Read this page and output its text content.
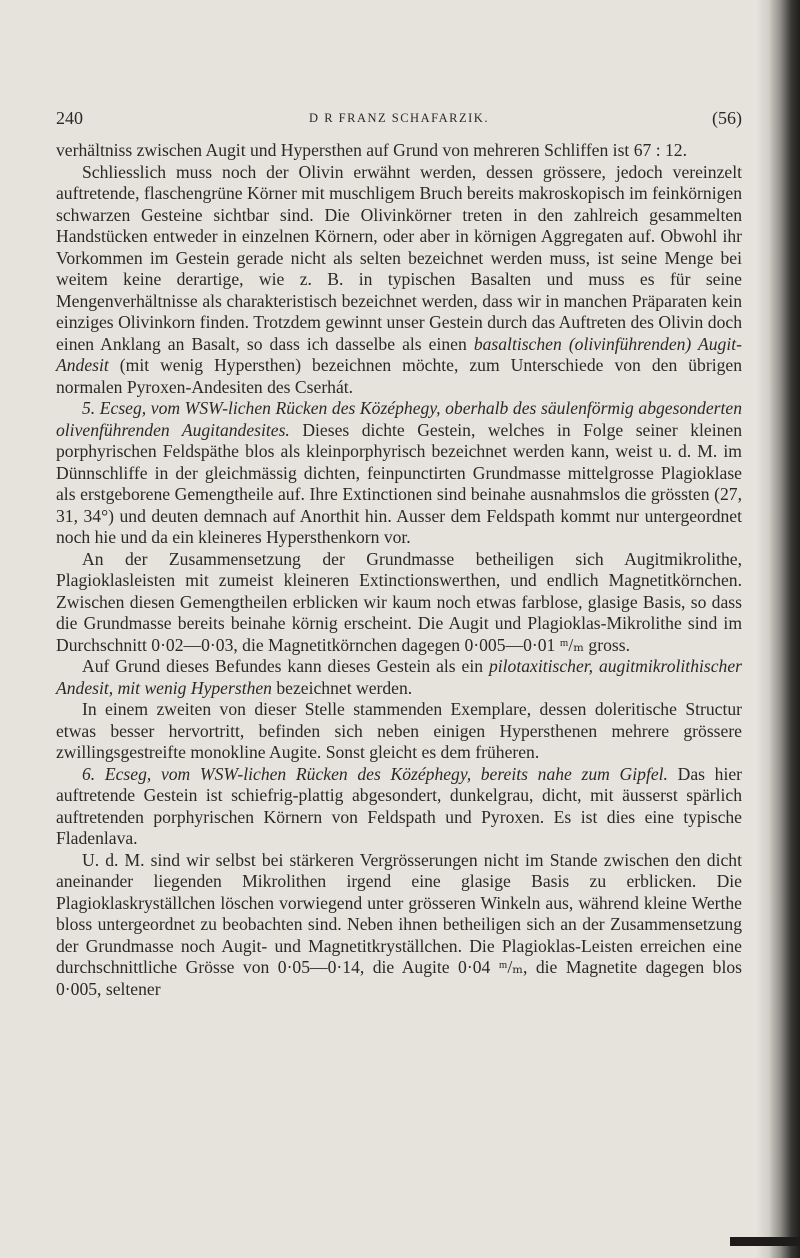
240	D R FRANZ SCHAFARZIK.	(56)

verhältniss zwischen Augit und Hypersthen auf Grund von mehreren Schliffen ist 67 : 12.

Schliesslich muss noch der Olivin erwähnt werden, dessen grössere, jedoch vereinzelt auftretende, flaschengrüne Körner mit muschligem Bruch bereits makroskopisch im feinkörnigen schwarzen Gesteine sichtbar sind. Die Olivinkörner treten in den zahlreich gesammelten Handstücken entweder in einzelnen Körnern, oder aber in körnigen Aggregaten auf. Obwohl ihr Vorkommen im Gestein gerade nicht als selten bezeichnet werden muss, ist seine Menge bei weitem keine derartige, wie z. B. in typischen Basalten und muss es für seine Mengenverhältnisse als charakteristisch bezeichnet werden, dass wir in manchen Präparaten kein einziges Olivinkorn finden. Trotzdem gewinnt unser Gestein durch das Auftreten des Olivin doch einen Anklang an Basalt, so dass ich dasselbe als einen basaltischen (olivinführenden) Augit-Andesit (mit wenig Hypersthen) bezeichnen möchte, zum Unterschiede von den übrigen normalen Pyroxen-Andesiten des Cserhát.

5. Ecseg, vom WSW-lichen Rücken des Középhegy, oberhalb des säulenförmig abgesonderten olivenführenden Augitandesites. Dieses dichte Gestein, welches in Folge seiner kleinen porphyrischen Feldspäthe blos als kleinporphyrisch bezeichnet werden kann, weist u. d. M. im Dünnschliffe in der gleichmässig dichten, feinpunctirten Grundmasse mittelgrosse Plagioklase als erstgeborene Gemengtheile auf. Ihre Extinctionen sind beinahe ausnahmslos die grössten (27, 31, 34°) und deuten demnach auf Anorthit hin. Ausser dem Feldspath kommt nur untergeordnet noch hie und da ein kleineres Hypersthenkorn vor.

An der Zusammensetzung der Grundmasse betheiligen sich Augitmikrolithe, Plagioklasleisten mit zumeist kleineren Extinctionswerthen, und endlich Magnetitkörnchen. Zwischen diesen Gemengtheilen erblicken wir kaum noch etwas farblose, glasige Basis, so dass die Grundmasse bereits beinahe körnig erscheint. Die Augit und Plagioklas-Mikrolithe sind im Durchschnitt 0·02—0·03, die Magnetitkörnchen dagegen 0·005—0·01 ᵐ/ₘ gross.

Auf Grund dieses Befundes kann dieses Gestein als ein pilotaxitischer, augitmikrolithischer Andesit, mit wenig Hypersthen bezeichnet werden.

In einem zweiten von dieser Stelle stammenden Exemplare, dessen doleritische Structur etwas besser hervortritt, befinden sich neben einigen Hypersthenen mehrere grössere zwillingsgestreifte monokline Augite. Sonst gleicht es dem früheren.

6. Ecseg, vom WSW-lichen Rücken des Középhegy, bereits nahe zum Gipfel. Das hier auftretende Gestein ist schiefrig-plattig abgesondert, dunkelgrau, dicht, mit äusserst spärlich auftretenden porphyrischen Körnern von Feldspath und Pyroxen. Es ist dies eine typische Fladenlava.

U. d. M. sind wir selbst bei stärkeren Vergrösserungen nicht im Stande zwischen den dicht aneinander liegenden Mikrolithen irgend eine glasige Basis zu erblicken. Die Plagioklaskryställchen löschen vorwiegend unter grösseren Winkeln aus, während kleine Werthe bloss untergeordnet zu beobachten sind. Neben ihnen betheiligen sich an der Zusammensetzung der Grundmasse noch Augit- und Magnetitkryställchen. Die Plagioklas-Leisten erreichen eine durchschnittliche Grösse von 0·05—0·14, die Augite 0·04 ᵐ/ₘ, die Magnetite dagegen blos 0·005, seltener
